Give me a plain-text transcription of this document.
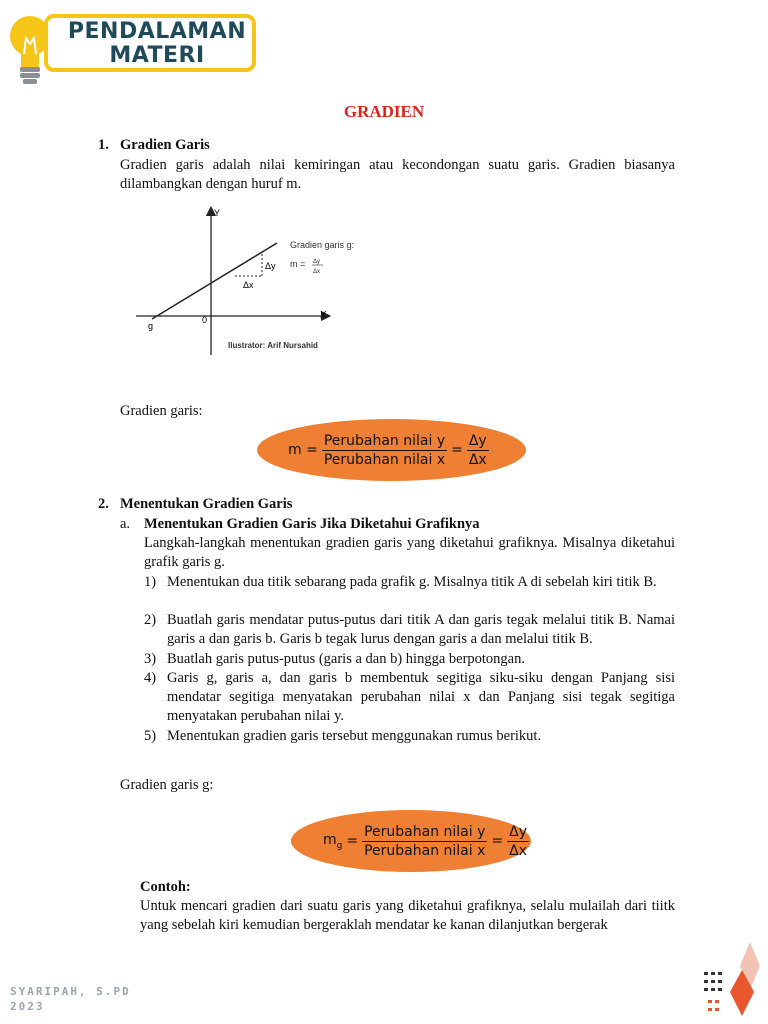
PENDALAMAN
MATERI
GRADIEN
1. Gradien Garis
Gradien garis adalah nilai kemiringan atau kecondongan suatu garis. Gradien biasanya dilambangkan dengan huruf m.
Y
X
0
g
Δy
Δx
Gradien garis g:
m = Δy
Δx
Ilustrator: Arif Nursahid
Gradien garis:
$m = \frac{\text{Perubahan nilai y}}{\text{Perubahan nilai x}} = \frac{\Delta y}{\Delta x}$
2. Menentukan Gradien Garis
a. Menentukan Gradien Garis Jika Diketahui Grafiknya
Langkah-langkah menentukan gradien garis yang diketahui grafiknya. Misalnya diketahui grafik garis g.
1) Menentukan dua titik sebarang pada grafik g. Misalnya titik A di sebelah kiri titik B.
2) Buatlah garis mendatar putus-putus dari titik A dan garis tegak melalui titik B. Namai garis a dan garis b. Garis b tegak lurus dengan garis a dan melalui titik B.
3) Buatlah garis putus-putus (garis a dan b) hingga berpotongan.
4) Garis g, garis a, dan garis b membentuk segitiga siku-siku dengan Panjang sisi mendatar segitiga menyatakan perubahan nilai x dan Panjang sisi tegak segitiga menyatakan perubahan nilai y.
5) Menentukan gradien garis tersebut menggunakan rumus berikut.
Gradien garis g:
$m_g = \frac{\text{Perubahan nilai y}}{\text{Perubahan nilai x}} = \frac{\Delta y}{\Delta x}$
Contoh:
Untuk mencari gradien dari suatu garis yang diketahui grafiknya, selalu mulailah dari tiitk yang sebelah kiri kemudian bergeraklah mendatar ke kanan dilanjutkan bergerak
SYARIPAH, S.PD
2023
